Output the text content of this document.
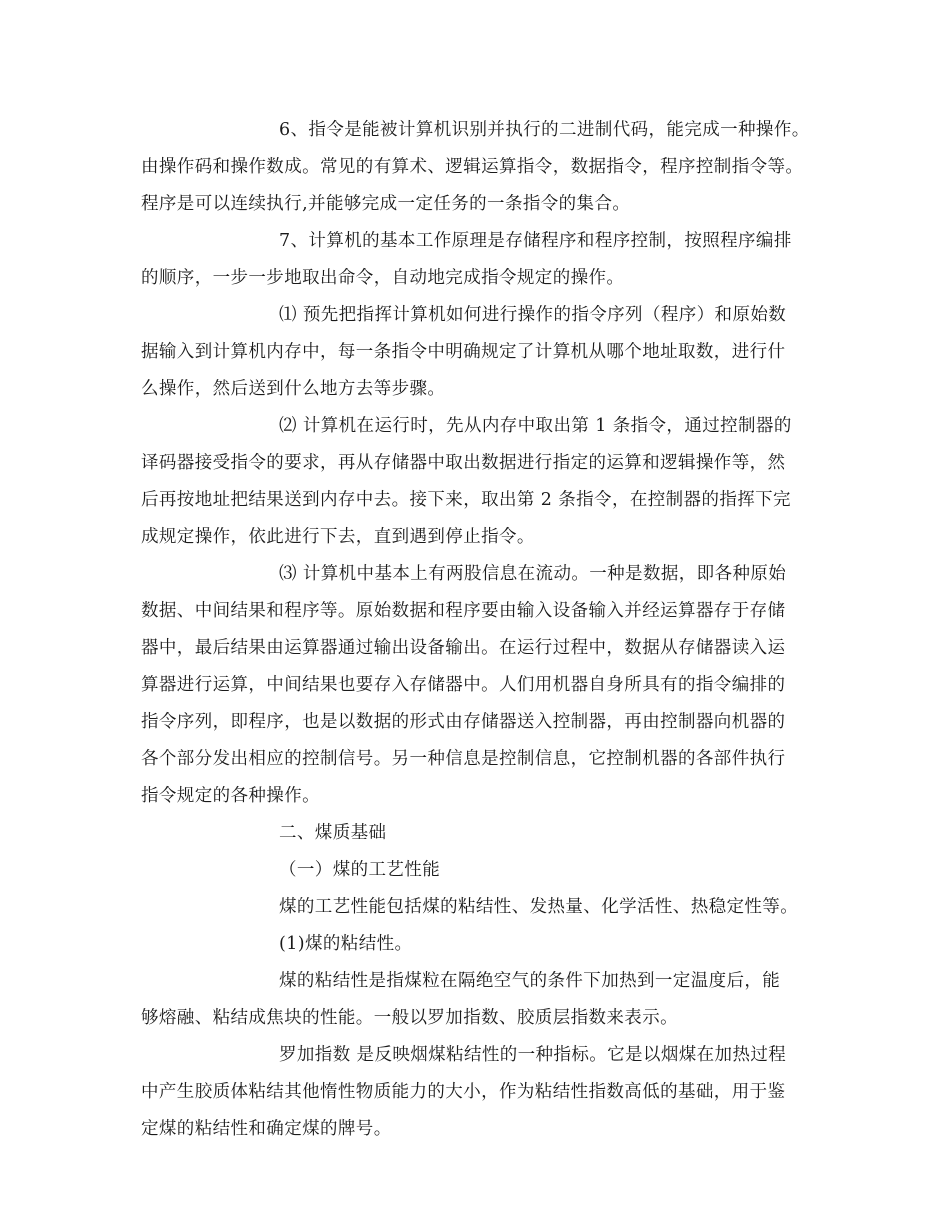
6、指令是能被计算机识别并执行的二进制代码，能完成一种操作。
由操作码和操作数成。常见的有算术、逻辑运算指令，数据指令，程序控制指令等。
程序是可以连续执行,并能够完成一定任务的一条指令的集合。
7、计算机的基本工作原理是存储程序和程序控制，按照程序编排
的顺序，一步一步地取出命令，自动地完成指令规定的操作。
⑴ 预先把指挥计算机如何进行操作的指令序列（程序）和原始数
据输入到计算机内存中，每一条指令中明确规定了计算机从哪个地址取数，进行什
么操作，然后送到什么地方去等步骤。
⑵ 计算机在运行时，先从内存中取出第 1 条指令，通过控制器的
译码器接受指令的要求，再从存储器中取出数据进行指定的运算和逻辑操作等，然
后再按地址把结果送到内存中去。接下来，取出第 2 条指令，在控制器的指挥下完
成规定操作，依此进行下去，直到遇到停止指令。
⑶ 计算机中基本上有两股信息在流动。一种是数据，即各种原始
数据、中间结果和程序等。原始数据和程序要由输入设备输入并经运算器存于存储
器中，最后结果由运算器通过输出设备输出。在运行过程中，数据从存储器读入运
算器进行运算，中间结果也要存入存储器中。人们用机器自身所具有的指令编排的
指令序列，即程序，也是以数据的形式由存储器送入控制器，再由控制器向机器的
各个部分发出相应的控制信号。另一种信息是控制信息，它控制机器的各部件执行
指令规定的各种操作。
二、煤质基础
（一）煤的工艺性能
煤的工艺性能包括煤的粘结性、发热量、化学活性、热稳定性等。
(1)煤的粘结性。
煤的粘结性是指煤粒在隔绝空气的条件下加热到一定温度后，能
够熔融、粘结成焦块的性能。一般以罗加指数、胶质层指数来表示。
罗加指数 是反映烟煤粘结性的一种指标。它是以烟煤在加热过程
中产生胶质体粘结其他惰性物质能力的大小，作为粘结性指数高低的基础，用于鉴
定煤的粘结性和确定煤的牌号。
